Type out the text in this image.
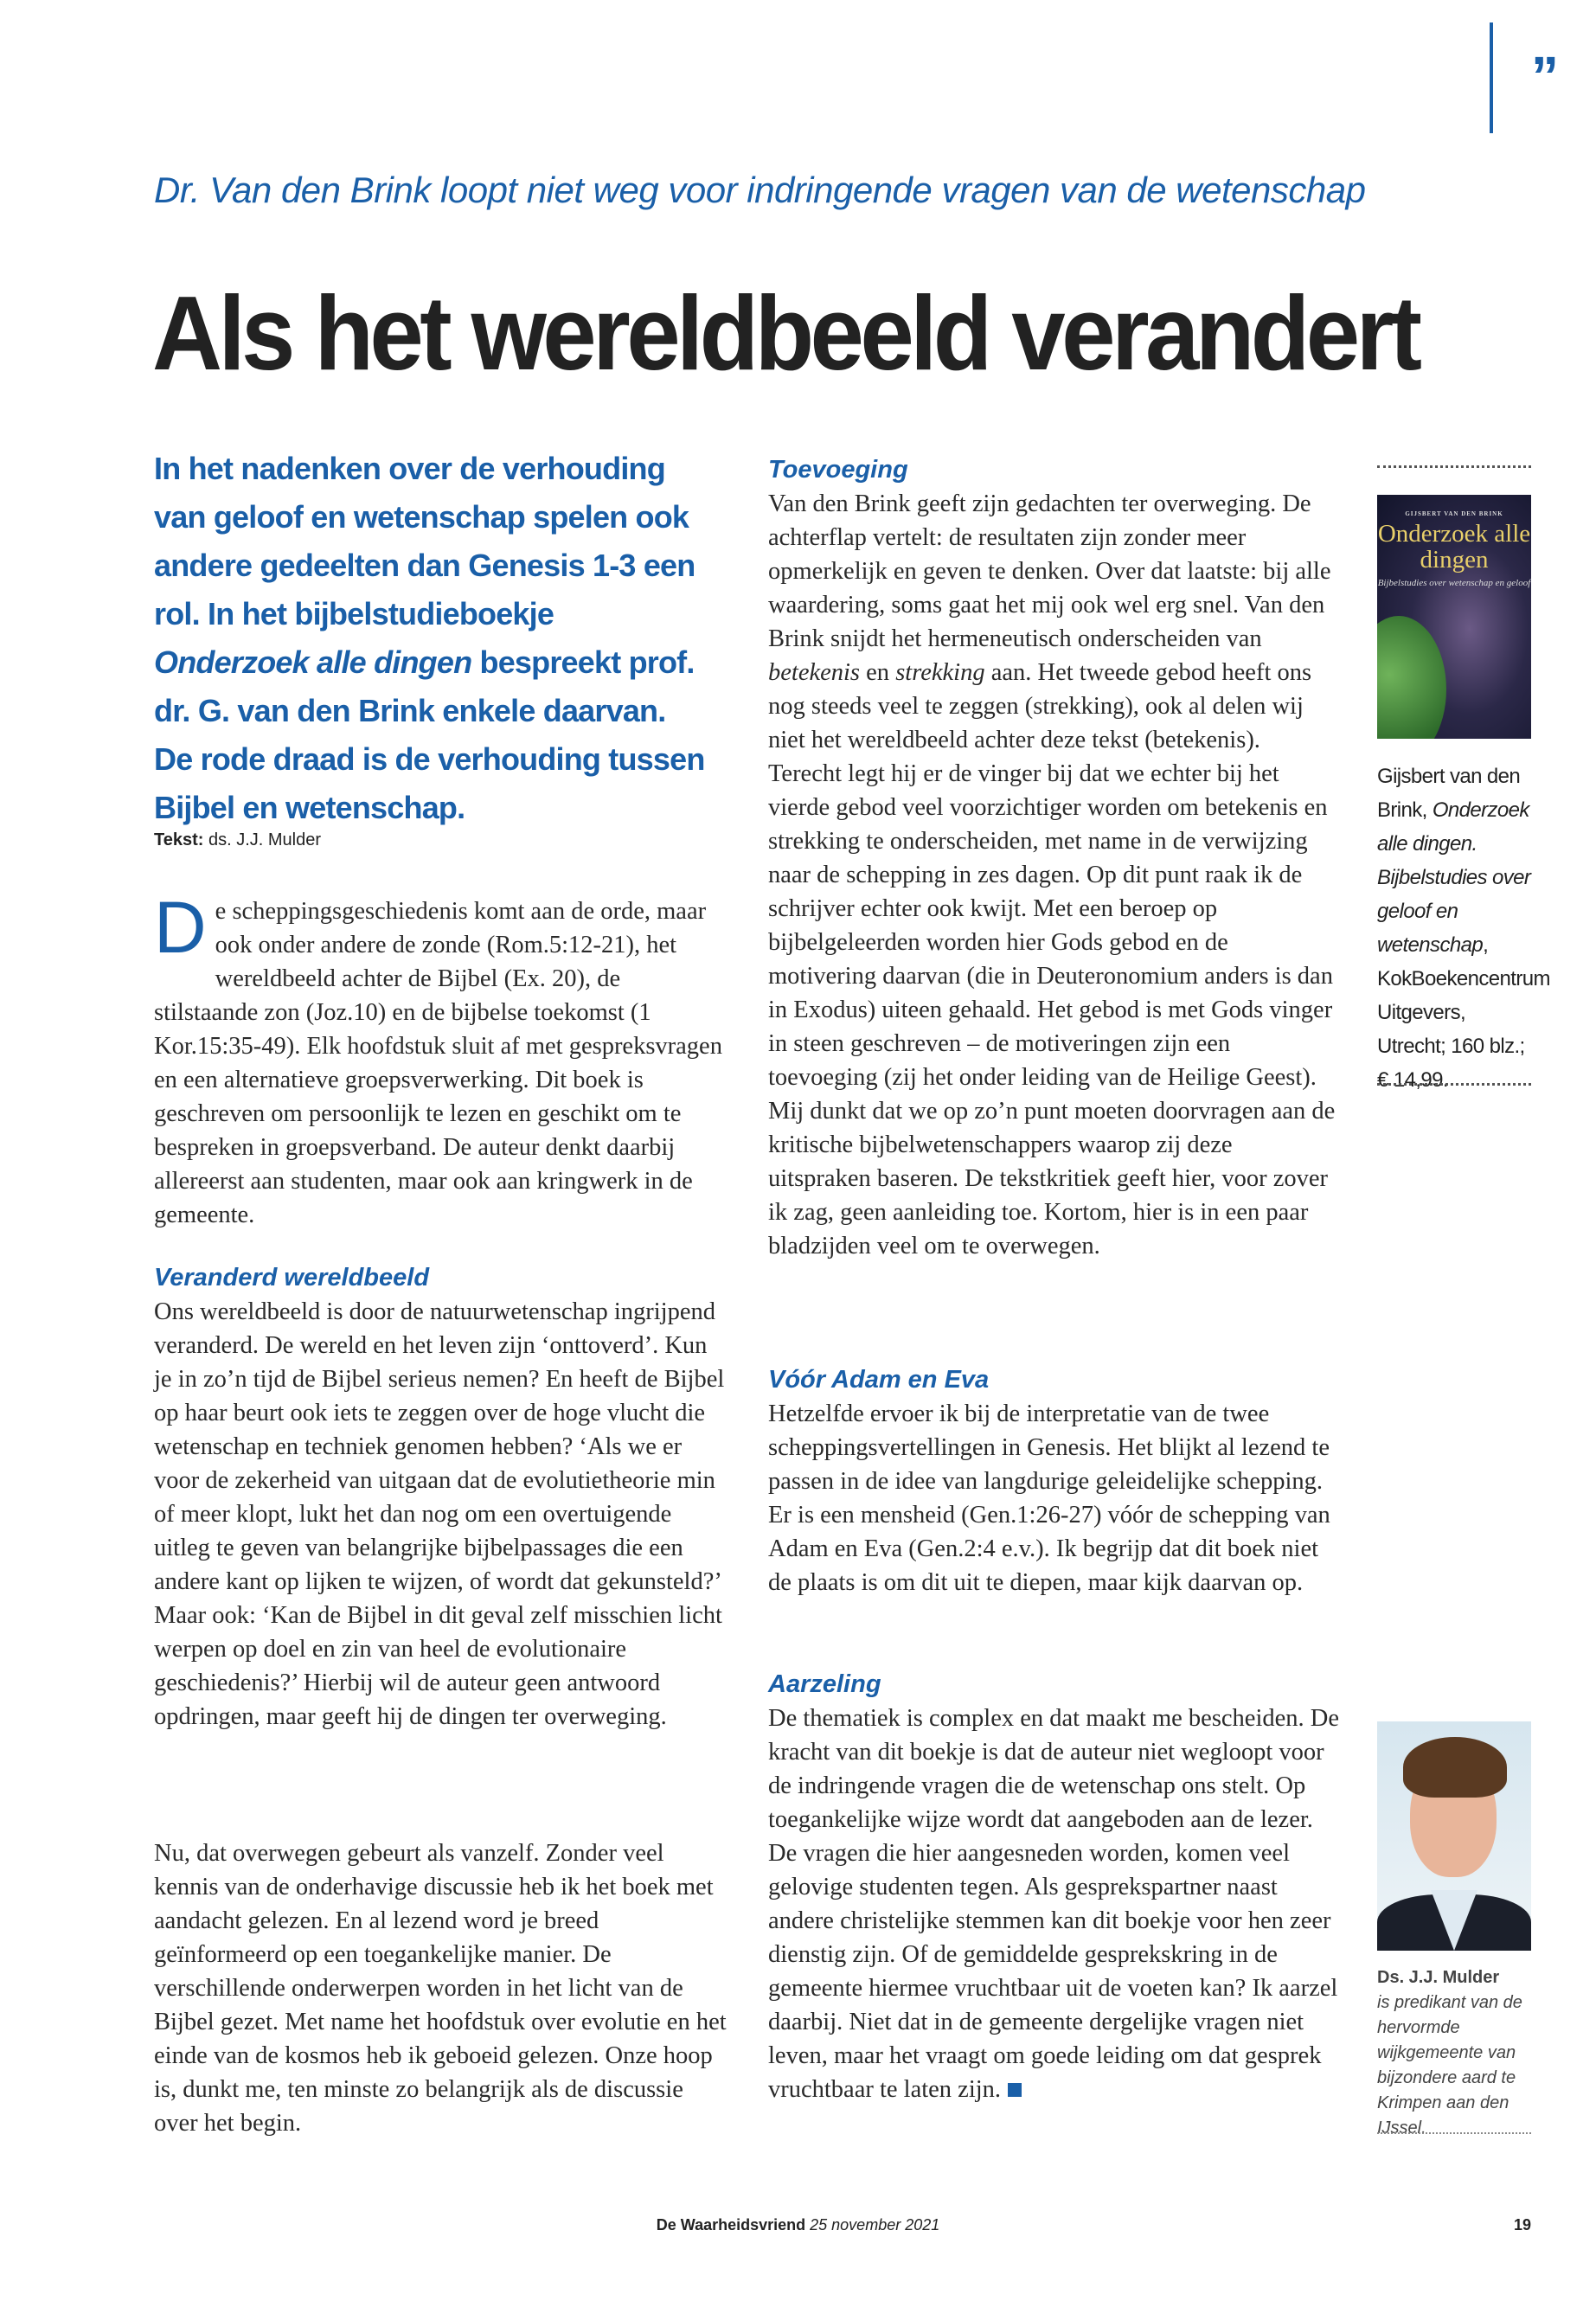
”
Dr. Van den Brink loopt niet weg voor indringende vragen van de wetenschap
Als het wereldbeeld verandert
In het nadenken over de verhouding van geloof en wetenschap spelen ook andere gedeelten dan Genesis 1-3 een rol. In het bijbelstudieboekje Onderzoek alle dingen bespreekt prof. dr. G. van den Brink enkele daarvan. De rode draad is de verhouding tussen Bijbel en wetenschap.
Tekst: ds. J.J. Mulder

De scheppingsgeschiedenis komt aan de orde, maar ook onder andere de zonde (Rom.5:12-21), het wereldbeeld achter de Bijbel (Ex. 20), de stilstaande zon (Joz.10) en de bijbelse toekomst (1 Kor.15:35-49). Elk hoofdstuk sluit af met gespreksvragen en een alternatieve groepsverwerking. Dit boek is geschreven om persoonlijk te lezen en geschikt om te bespreken in groepsverband. De auteur denkt daarbij allereerst aan studenten, maar ook aan kringwerk in de gemeente.

Veranderd wereldbeeld

Ons wereldbeeld is door de natuurwetenschap ingrijpend veranderd. De wereld en het leven zijn ‘onttoverd’. Kun je in zo’n tijd de Bijbel serieus nemen? En heeft de Bijbel op haar beurt ook iets te zeggen over de hoge vlucht die wetenschap en techniek genomen hebben? ‘Als we er voor de zekerheid van uitgaan dat de evolutietheorie min of meer klopt, lukt het dan nog om een overtuigende uitleg te geven van belangrijke bijbelpassages die een andere kant op lijken te wijzen, of wordt dat gekunsteld?’ Maar ook: ‘Kan de Bijbel in dit geval zelf misschien licht werpen op doel en zin van heel de evolutionaire geschiedenis?’ Hierbij wil de auteur geen antwoord opdringen, maar geeft hij de dingen ter overweging.

Nu, dat overwegen gebeurt als vanzelf. Zonder veel kennis van de onderhavige discussie heb ik het boek met aandacht gelezen. En al lezend word je breed geïnformeerd op een toegankelijke manier. De verschillende onderwerpen worden in het licht van de Bijbel gezet. Met name het hoofdstuk over evolutie en het einde van de kosmos heb ik geboeid gelezen. Onze hoop is, dunkt me, ten minste zo belangrijk als de discussie over het begin.

Toevoeging

Van den Brink geeft zijn gedachten ter overweging. De achterflap vertelt: de resultaten zijn zonder meer opmerkelijk en geven te denken. Over dat laatste: bij alle waardering, soms gaat het mij ook wel erg snel. Van den Brink snijdt het hermeneutisch onderscheiden van betekenis en strekking aan. Het tweede gebod heeft ons nog steeds veel te zeggen (strekking), ook al delen wij niet het wereldbeeld achter deze tekst (betekenis).

Terecht legt hij er de vinger bij dat we echter bij het vierde gebod veel voorzichtiger worden om betekenis en strekking te onderscheiden, met name in de verwijzing naar de schepping in zes dagen. Op dit punt raak ik de schrijver echter ook kwijt. Met een beroep op bijbelgeleerden worden hier Gods gebod en de motivering daarvan (die in Deuteronomium anders is dan in Exodus) uiteen gehaald. Het gebod is met Gods vinger in steen geschreven – de motiveringen zijn een toevoeging (zij het onder leiding van de Heilige Geest). Mij dunkt dat we op zo’n punt moeten doorvragen aan de kritische bijbelwetenschappers waarop zij deze uitspraken baseren. De tekstkritiek geeft hier, voor zover ik zag, geen aanleiding toe. Kortom, hier is in een paar bladzijden veel om te overwegen.

Vóór Adam en Eva

Hetzelfde ervoer ik bij de interpretatie van de twee scheppingsvertellingen in Genesis. Het blijkt al lezend te passen in de idee van langdurige geleidelijke schepping. Er is een mensheid (Gen.1:26-27) vóór de schepping van Adam en Eva (Gen.2:4 e.v.). Ik begrijp dat dit boek niet de plaats is om dit uit te diepen, maar kijk daarvan op.

Aarzeling

De thematiek is complex en dat maakt me bescheiden. De kracht van dit boekje is dat de auteur niet wegloopt voor de indringende vragen die de wetenschap ons stelt. Op toegankelijke wijze wordt dat aangeboden aan de lezer. De vragen die hier aangesneden worden, komen veel gelovige studenten tegen. Als gesprekspartner naast andere christelijke stemmen kan dit boekje voor hen zeer dienstig zijn. Of de gemiddelde gesprekskring in de gemeente hiermee vruchtbaar uit de voeten kan? Ik aarzel daarbij. Niet dat in de gemeente dergelijke vragen niet leven, maar het vraagt om goede leiding om dat gesprek vruchtbaar te laten zijn.

GIJSBERT VAN DEN BRINK
Onderzoek alle dingen
Bijbelstudies over wetenschap en geloof
Gijsbert van den Brink, Onderzoek alle dingen. Bijbelstudies over geloof en wetenschap, KokBoekencentrum Uitgevers, Utrecht; 160 blz.; € 14,99.
Ds. J.J. Mulder
is predikant van de hervormde wijkgemeente van bijzondere aard te Krimpen aan den IJssel.
De Waarheidsvriend 25 november 2021	19
